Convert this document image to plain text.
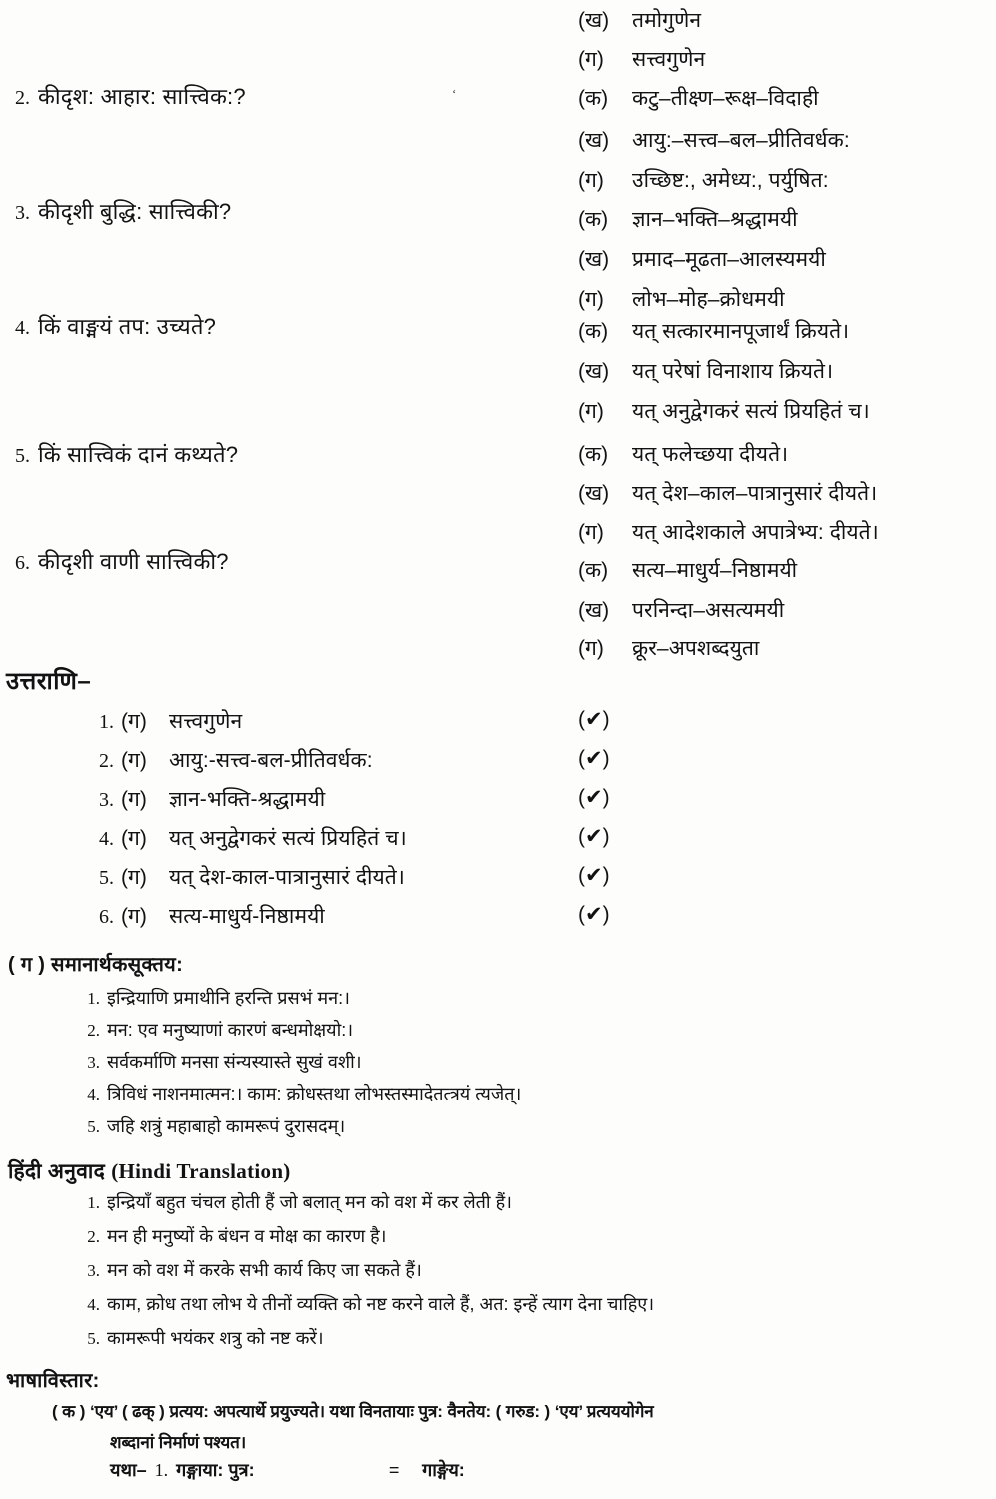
2. कीदृश: आहार: सात्त्विक:?
3. कीदृशी बुद्धि: सात्त्विकी?
4. किं वाङ्मयं तप: उच्यते?
5. किं सात्त्विकं दानं कथ्यते?
6. कीदृशी वाणी सात्त्विकी?
ʻ
(ख)	तमोगुणेन
(ग)	सत्त्वगुणेन
(क)	कटु–तीक्ष्ण–रूक्ष–विदाही
(ख)	आयु:–सत्त्व–बल–प्रीतिवर्धक:
(ग)	उच्छिष्ट:, अमेध्य:, पर्युषित:
(क)	ज्ञान–भक्ति–श्रद्धामयी
(ख)	प्रमाद–मूढता–आलस्यमयी
(ग)	लोभ–मोह–क्रोधमयी
(क)	यत् सत्कारमानपूजार्थं क्रियते।
(ख)	यत् परेषां विनाशाय क्रियते।
(ग)	यत् अनुद्वेगकरं सत्यं प्रियहितं च।
(क)	यत् फलेच्छया दीयते।
(ख)	यत् देश–काल–पात्रानुसारं दीयते।
(ग)	यत् आदेशकाले अपात्रेभ्य: दीयते।
(क)	सत्य–माधुर्य–निष्ठामयी
(ख)	परनिन्दा–असत्यमयी
(ग)	क्रूर–अपशब्दयुता
उत्तराणि–
1. (ग)	सत्त्वगुणेन	(✔)
2. (ग)	आयु:-सत्त्व-बल-प्रीतिवर्धक:	(✔)
3. (ग)	ज्ञान-भक्ति-श्रद्धामयी	(✔)
4. (ग)	यत् अनुद्वेगकरं सत्यं प्रियहितं च।	(✔)
5. (ग)	यत् देश-काल-पात्रानुसारं दीयते।	(✔)
6. (ग)	सत्य-माधुर्य-निष्ठामयी	(✔)
( ग ) समानार्थकसूक्तय:
1. इन्द्रियाणि प्रमाथीनि हरन्ति प्रसभं मन:।
2. मन: एव मनुष्याणां कारणं बन्धमोक्षयो:।
3. सर्वकर्माणि मनसा संन्यस्यास्ते सुखं वशी।
4. त्रिविधं नाशनमात्मन:। काम: क्रोधस्तथा लोभस्तस्मादेतत्त्रयं त्यजेत्।
5. जहि शत्रुं महाबाहो कामरूपं दुरासदम्।
हिंदी अनुवाद (Hindi Translation)
1. इन्द्रियाँ बहुत चंचल होती हैं जो बलात् मन को वश में कर लेती हैं।
2. मन ही मनुष्यों के बंधन व मोक्ष का कारण है।
3. मन को वश में करके सभी कार्य किए जा सकते हैं।
4. काम, क्रोध तथा लोभ ये तीनों व्यक्ति को नष्ट करने वाले हैं, अत: इन्हें त्याग देना चाहिए।
5. कामरूपी भयंकर शत्रु को नष्ट करें।
भाषाविस्तार:
( क ) ‘एय’ ( ढक् ) प्रत्यय: अपत्यार्थे प्रयुज्यते। यथा विनतायाः पुत्र: वैनतेय: ( गरुड: ) ‘एय’ प्रत्यययोगेन
शब्दानां निर्माणं पश्यत।
यथा– 1. गङ्गाया: पुत्र:	=	गाङ्गेय:
